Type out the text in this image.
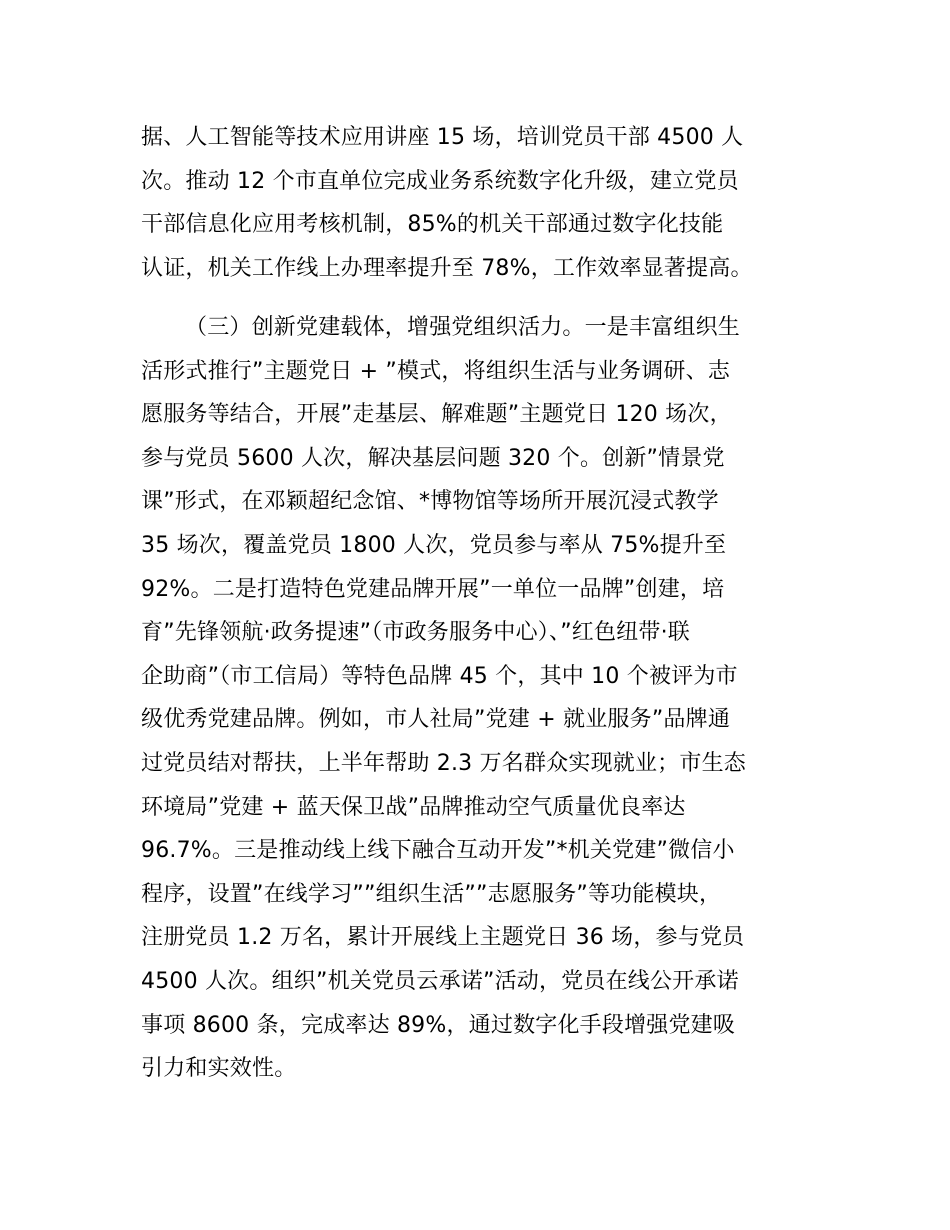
据、人工智能等技术应用讲座 15 场，培训党员干部 4500 人
次。推动 12 个市直单位完成业务系统数字化升级，建立党员
干部信息化应用考核机制，85%的机关干部通过数字化技能
认证，机关工作线上办理率提升至 78%，工作效率显著提高。
（三）创新党建载体，增强党组织活力。一是丰富组织生
活形式推行”主题党日 + ”模式，将组织生活与业务调研、志
愿服务等结合，开展”走基层、解难题”主题党日 120 场次，
参与党员 5600 人次，解决基层问题 320 个。创新”情景党
课”形式，在邓颖超纪念馆、*博物馆等场所开展沉浸式教学
35 场次，覆盖党员 1800 人次，党员参与率从 75%提升至
92%。二是打造特色党建品牌开展”一单位一品牌”创建，培
育”先锋领航·政务提速”（市政务服务中心）、”红色纽带·联
企助商”（市工信局）等特色品牌 45 个，其中 10 个被评为市
级优秀党建品牌。例如，市人社局”党建 + 就业服务”品牌通
过党员结对帮扶，上半年帮助 2.3 万名群众实现就业；市生态
环境局”党建 + 蓝天保卫战”品牌推动空气质量优良率达
96.7%。三是推动线上线下融合互动开发”*机关党建”微信小
程序，设置”在线学习””组织生活””志愿服务”等功能模块，
注册党员 1.2 万名，累计开展线上主题党日 36 场，参与党员
4500 人次。组织”机关党员云承诺”活动，党员在线公开承诺
事项 8600 条，完成率达 89%，通过数字化手段增强党建吸
引力和实效性。
